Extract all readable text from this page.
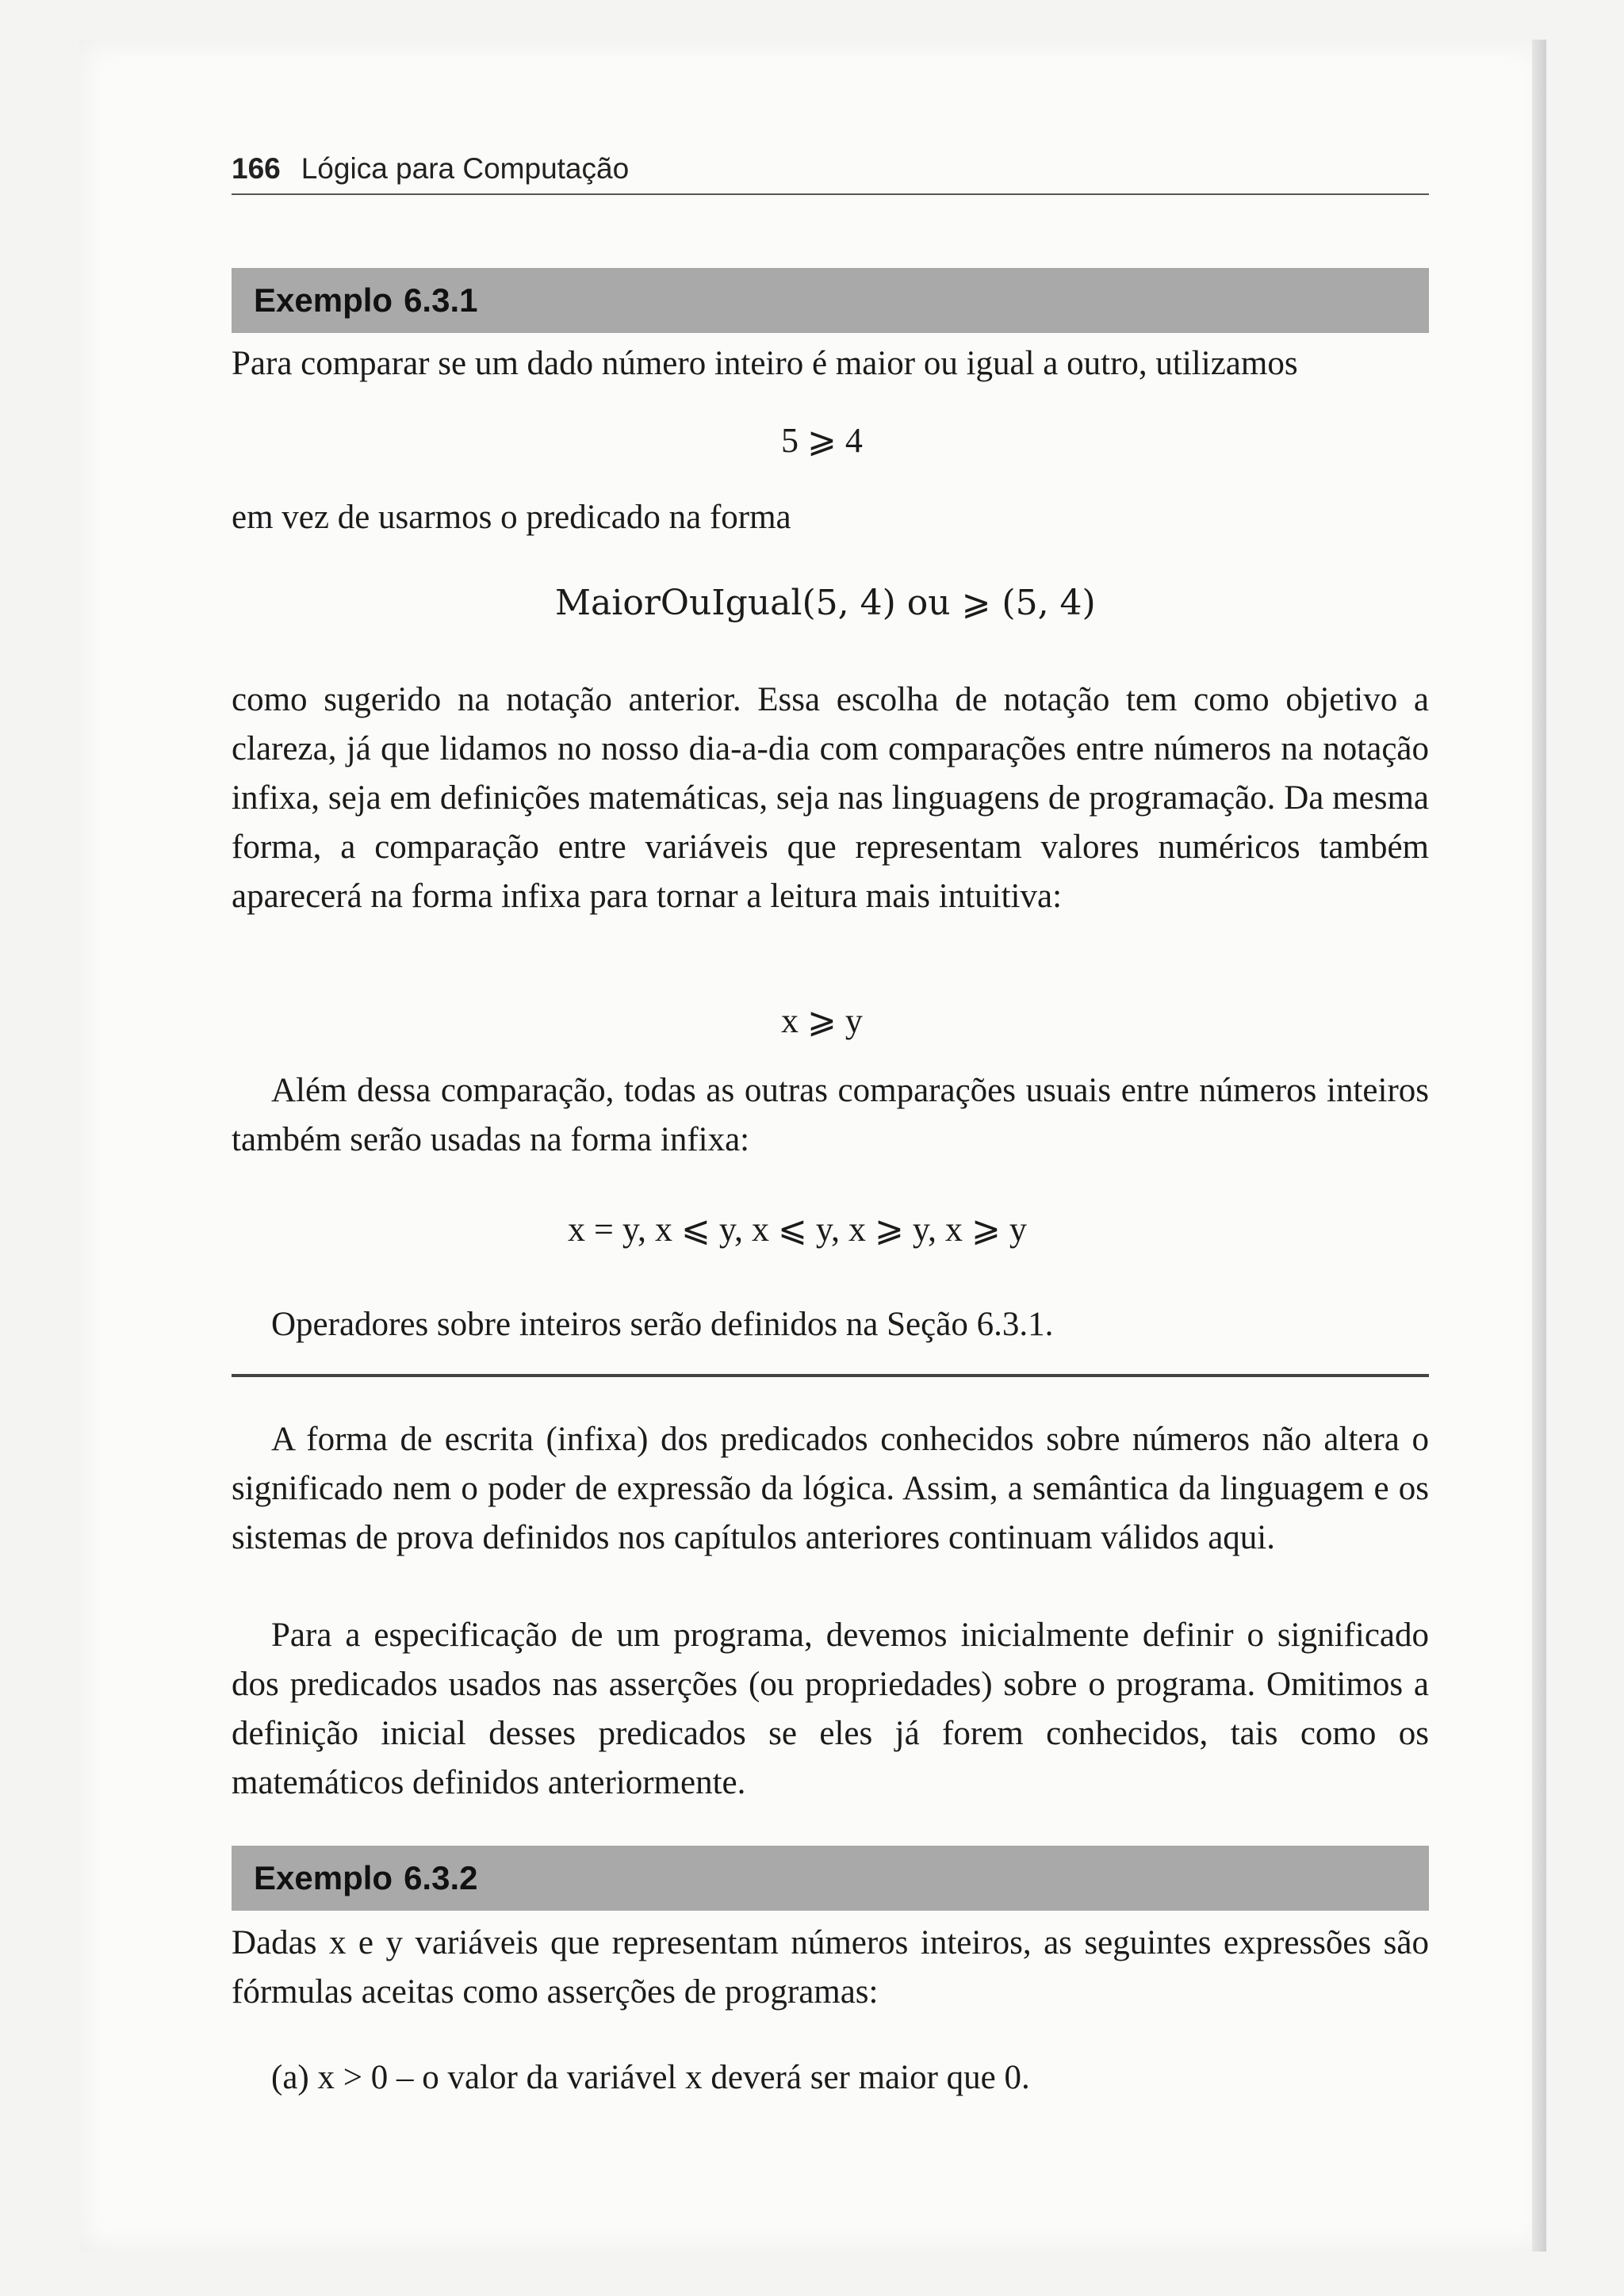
166 Lógica para Computação
Exemplo 6.3.1

Para comparar se um dado número inteiro é maior ou igual a outro, utilizamos

5 ⩾ 4

em vez de usarmos o predicado na forma

MaiorOuIgual(5, 4) ou ⩾ (5, 4)

como sugerido na notação anterior. Essa escolha de notação tem como objetivo a clareza, já que lidamos no nosso dia-a-dia com comparações entre números na notação infixa, seja em definições matemáticas, seja nas linguagens de programação. Da mesma forma, a comparação entre variáveis que representam valores numéricos também aparecerá na forma infixa para tornar a leitura mais intuitiva:

x ⩾ y

Além dessa comparação, todas as outras comparações usuais entre números inteiros também serão usadas na forma infixa:

x = y, x ⩽ y, x ⩽ y, x ⩾ y, x ⩾ y

Operadores sobre inteiros serão definidos na Seção 6.3.1.

A forma de escrita (infixa) dos predicados conhecidos sobre números não altera o significado nem o poder de expressão da lógica. Assim, a semântica da linguagem e os sistemas de prova definidos nos capítulos anteriores continuam válidos aqui.

Para a especificação de um programa, devemos inicialmente definir o significado dos predicados usados nas asserções (ou propriedades) sobre o programa. Omitimos a definição inicial desses predicados se eles já forem conhecidos, tais como os matemáticos definidos anteriormente.

Exemplo 6.3.2

Dadas x e y variáveis que representam números inteiros, as seguintes expressões são fórmulas aceitas como asserções de programas:

(a) x > 0 – o valor da variável x deverá ser maior que 0.
